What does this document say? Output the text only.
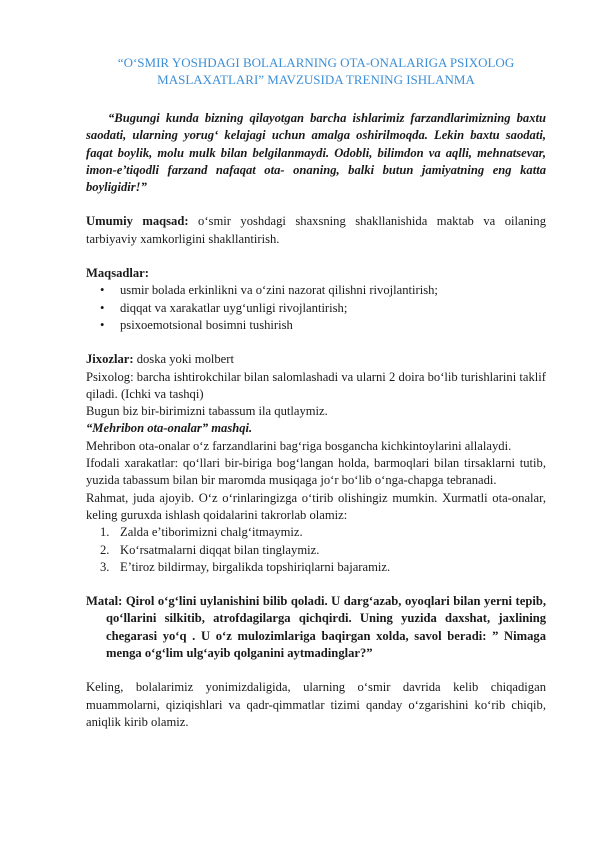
“O‘SMIR YOSHDAGI BOLALARNING OTA-ONALARIGA PSIXOLOG MASLAXATLARI” MAVZUSIDA TRENING ISHLANMA

“Bugungi kunda bizning qilayotgan barcha ishlarimiz farzandlarimizning baxtu saodati, ularning yorug‘ kelajagi uchun amalga oshirilmoqda. Lekin baxtu saodati, faqat boylik, molu mulk bilan belgilanmaydi. Odobli, bilimdon va aqlli, mehnatsevar, imon-e’tiqodli farzand nafaqat ota- onaning, balki butun jamiyatning eng katta boyligidir!”

Umumiy maqsad: o‘smir yoshdagi shaxsning shakllanishida maktab va oilaning tarbiyaviy xamkorligini shakllantirish.

Maqsadlar:

• usmir bolada erkinlikni va o‘zini nazorat qilishni rivojlantirish;
• diqqat va xarakatlar uyg‘unligi rivojlantirish;
• psixoemotsional bosimni tushirish

Jixozlar: doska yoki molbert

Psixolog: barcha ishtirokchilar bilan salomlashadi va ularni 2 doira bo‘lib turishlarini taklif qiladi. (Ichki va tashqi)

Bugun biz bir-birimizni tabassum ila qutlaymiz.

“Mehribon ota-onalar” mashqi.

Mehribon ota-onalar o‘z farzandlarini bag‘riga bosgancha kichkintoylarini allalaydi.

Ifodali xarakatlar: qo‘llari bir-biriga bog‘langan holda, barmoqlari bilan tirsaklarni tutib, yuzida tabassum bilan bir maromda musiqaga jo‘r bo‘lib o‘nga-chapga tebranadi.

Rahmat, juda ajoyib. O‘z o‘rinlaringizga o‘tirib olishingiz mumkin. Xurmatli ota-onalar, keling guruxda ishlash qoidalarini takrorlab olamiz:

1. Zalda e’tiborimizni chalg‘itmaymiz.
2. Ko‘rsatmalarni diqqat bilan tinglaymiz.
3. E’tiroz bildirmay, birgalikda topshiriqlarni bajaramiz.

Matal: Qirol o‘g‘lini uylanishini bilib qoladi. U darg‘azab, oyoqlari bilan yerni tepib, qo‘llarini silkitib, atrofdagilarga qichqirdi. Uning yuzida daxshat, jaxlining chegarasi yo‘q . U o‘z mulozimlariga baqirgan xolda, savol beradi: ” Nimaga menga o‘g‘lim ulg‘ayib qolganini aytmadinglar?”

Keling, bolalarimiz yonimizdaligida, ularning o‘smir davrida kelib chiqadigan muammolarni, qiziqishlari va qadr-qimmatlar tizimi qanday o‘zgarishini ko‘rib chiqib, aniqlik kirib olamiz.
